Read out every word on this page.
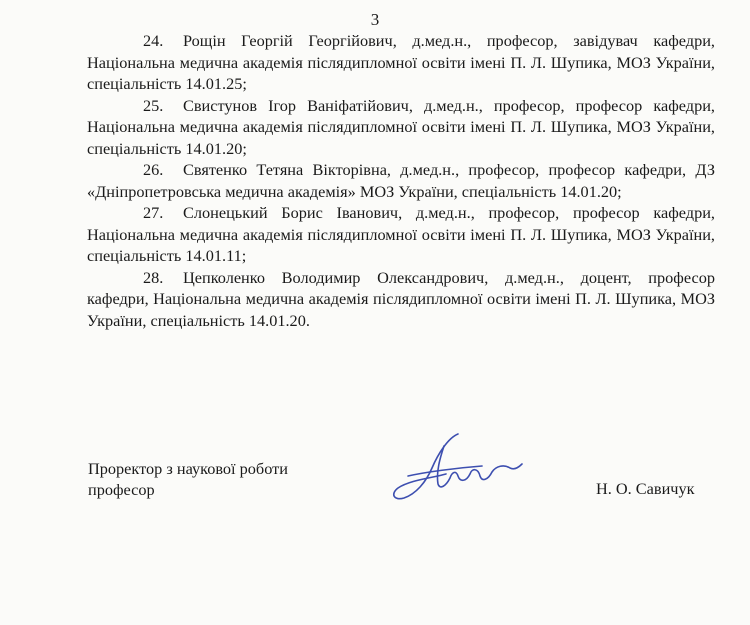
3

24. Рощін Георгій Георгійович, д.мед.н., професор, завідувач кафедри, Національна медична академія післядипломної освіти імені П. Л. Шупика, МОЗ України, спеціальність 14.01.25;

25. Свистунов Ігор Ваніфатійович, д.мед.н., професор, професор кафедри, Національна медична академія післядипломної освіти імені П. Л. Шупика, МОЗ України, спеціальність 14.01.20;

26. Святенко Тетяна Вікторівна, д.мед.н., професор, професор кафедри, ДЗ «Дніпропетровська медична академія» МОЗ України, спеціальність 14.01.20;

27. Слонецький Борис Іванович, д.мед.н., професор, професор кафедри, Національна медична академія післядипломної освіти імені П. Л. Шупика, МОЗ України, спеціальність 14.01.11;

28. Цепколенко Володимир Олександрович, д.мед.н., доцент, професор кафедри, Національна медична академія післядипломної освіти імені П. Л. Шупика, МОЗ України, спеціальність 14.01.20.

Проректор з наукової роботи
професор	Н. О. Савичук
